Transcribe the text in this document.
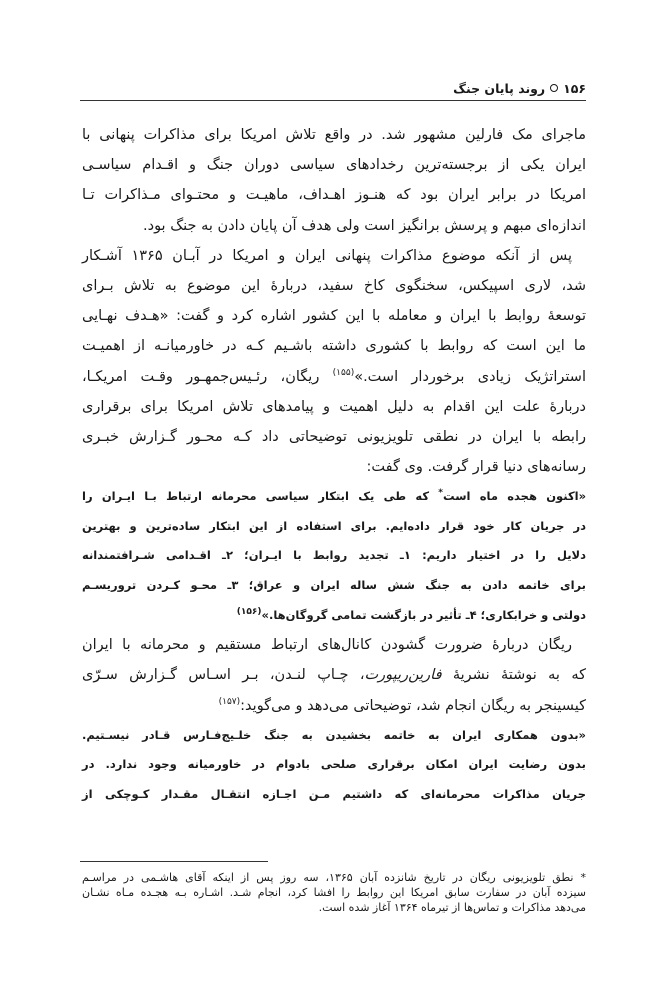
۱۵۶
روند پایان جنگ
ماجرای مک فارلین مشهور شد. در واقع تلاش امریکا برای مذاکرات پنهانی با
ایران یکی از برجسته‌ترین رخدادهای سیاسی دوران جنگ و اقـدام سیاسـی
امریکا در برابر ایران بود که هنـوز اهـداف، ماهیـت و محتـوای مـذاکرات تـا
اندازه‌ای مبهم و پرسش برانگیز است ولی هدف آن پایان دادن به جنگ بود.
پس از آنکه موضوع مذاکرات پنهانی ایران و امریکا در آبـان ۱۳۶۵ آشـکار
شد، لاری اسپیکس، سخنگوی کاخ سفید، دربارهٔ این موضوع به تلاش بـرای
توسعهٔ روابط با ایران و معامله با این کشور اشاره کرد و گفت: «هـدف نهـایی
ما این است که روابط با کشوری داشته باشـیم کـه در خاورمیانـه از اهمیـت
استراتژیک زیادی برخوردار است.»$^{(۱۵۵)}$ ریگان، رئـیس‌جمهـور وقـت امریکـا،
دربارهٔ علت این اقدام به دلیل اهمیت و پیامدهای تلاش امریکا برای برقراری
رابطه با ایران در نطقی تلویزیونی توضیحاتی داد کـه محـور گـزارش خبـری
رسانه‌های دنیا قرار گرفت. وی گفت:
«اکنون هجده ماه است* که طی یک ابتکار سیاسی محرمانه ارتباط بـا ایـران را
در جریان کار خود قرار داده‌ایم. برای استفاده از این ابتکار ساده‌ترین و بهترین
دلایل را در اختیار داریم: ۱ـ تجدید روابط با ایـران؛ ۲ـ اقـدامی شـرافتمندانه
برای خاتمه دادن به جنگ شش ساله ایران و عراق؛ ۳ـ محـو کـردن تروریسـم
دولتی و خرابکاری؛ ۴ـ تأثیر در بازگشت تمامی گروگان‌ها.»$^{(۱۵۶)}$
ریگان دربارهٔ ضرورت گشودن کانال‌های ارتباط مستقیم و محرمانه با ایران
که به نوشتهٔ نشریهٔ فارین‌ریپورت، چـاپ لنـدن، بـر اسـاس گـزارش سـرّی
کیسینجر به ریگان انجام شد، توضیحاتی می‌دهد و می‌گوید:$^{(۱۵۷)}$
«بدون همکاری ایران به خاتمه بخشیدن به جنگ خلـیج‌فـارس قـادر نیسـتیم.
بدون رضایت ایران امکان برقراری صلحی بادوام در خاورمیانه وجود ندارد. در
جریان مذاکرات محرمانه‌ای که داشتیم مـن اجـازه انتقـال مقـدار کـوچکی از
* نطق تلویزیونی ریگان در تاریخ شانزده آبان ۱۳۶۵، سه روز پس از اینکه آقای هاشـمی در مراسـم
سیزده آبان در سفارت سابق امریکا این روابط را افشا کرد، انجام شـد. اشـاره بـه هجـده مـاه نشـان
می‌دهد مذاکرات و تماس‌ها از تیرماه ۱۳۶۴ آغاز شده است.
